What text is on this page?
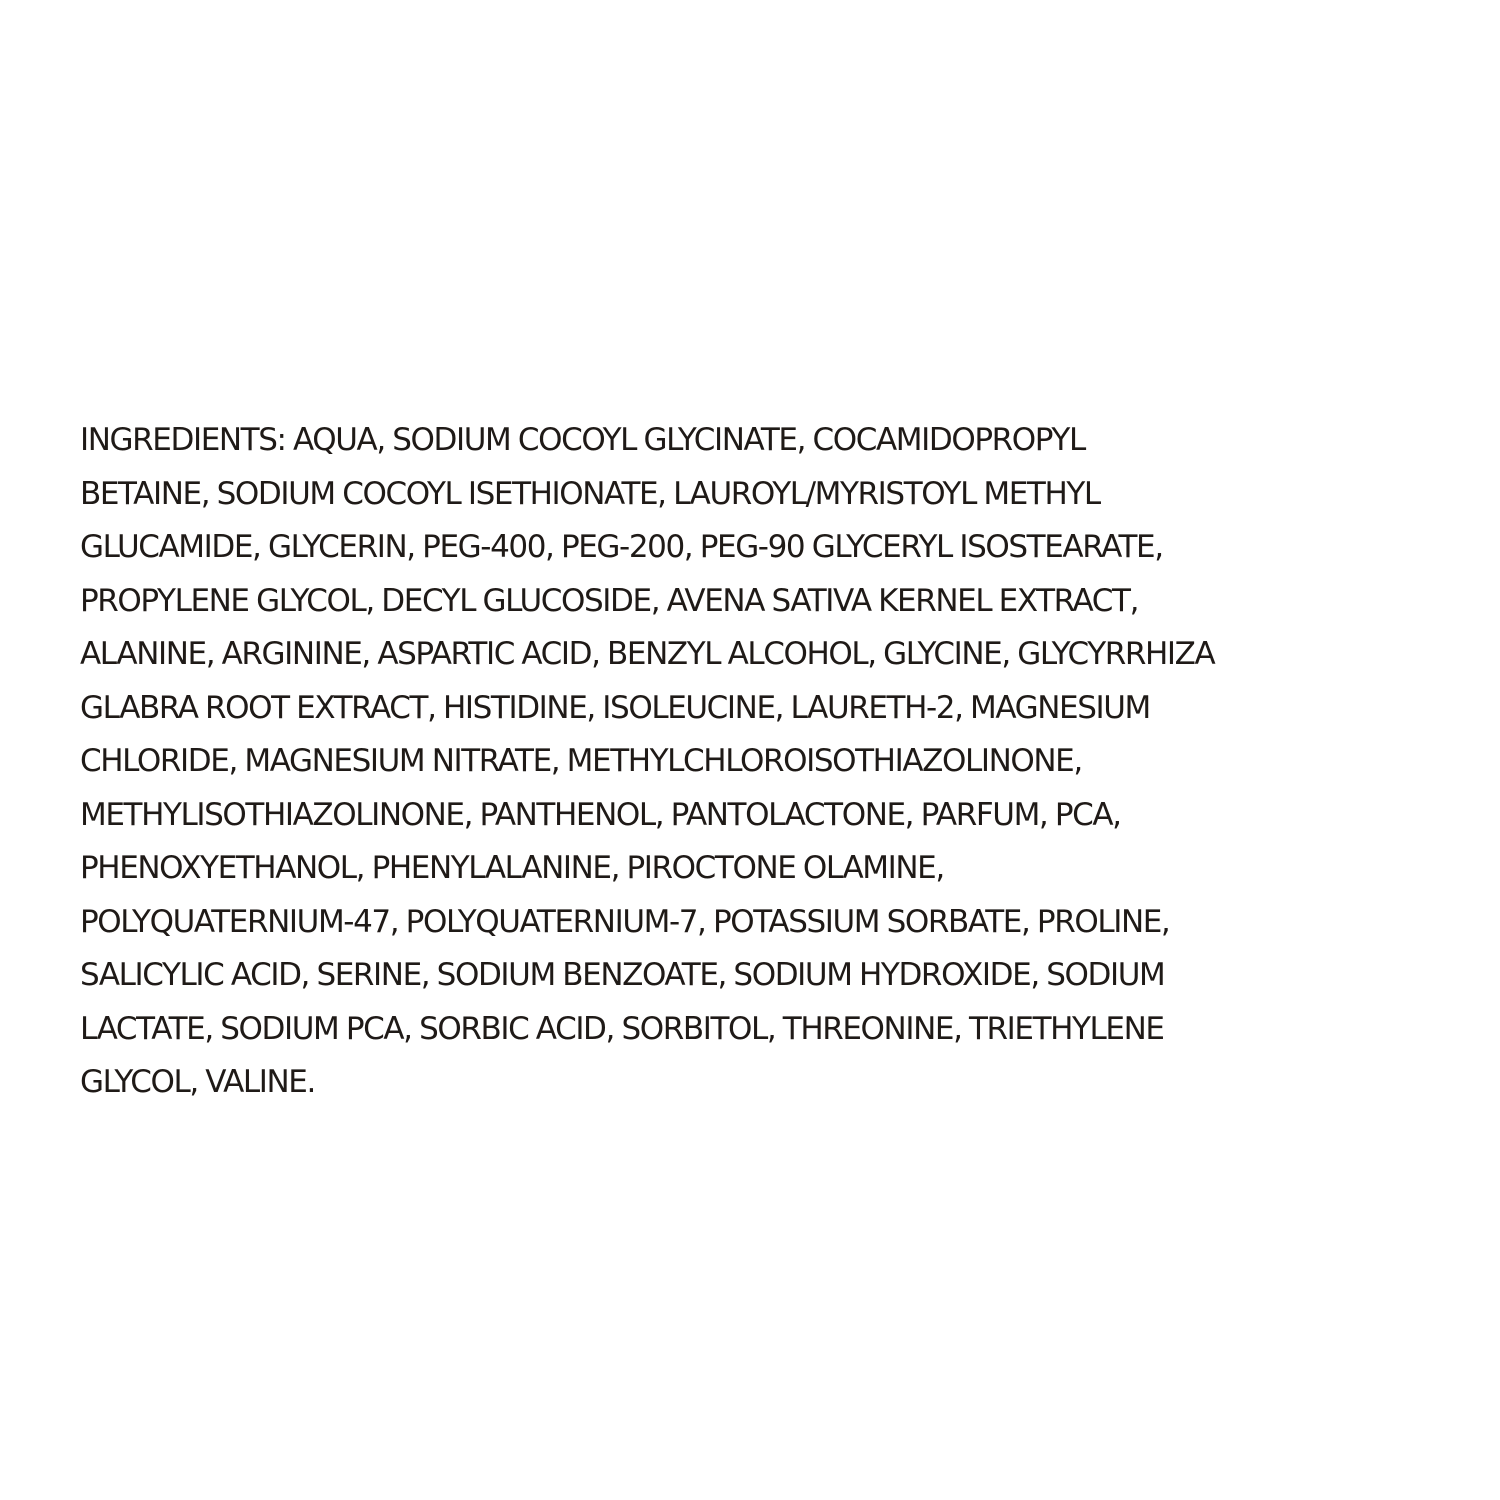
INGREDIENTS: AQUA, SODIUM COCOYL GLYCINATE, COCAMIDOPROPYL
BETAINE, SODIUM COCOYL ISETHIONATE, LAUROYL/MYRISTOYL METHYL
GLUCAMIDE, GLYCERIN, PEG-400, PEG-200, PEG-90 GLYCERYL ISOSTEARATE,
PROPYLENE GLYCOL, DECYL GLUCOSIDE, AVENA SATIVA KERNEL EXTRACT,
ALANINE, ARGININE, ASPARTIC ACID, BENZYL ALCOHOL, GLYCINE, GLYCYRRHIZA
GLABRA ROOT EXTRACT, HISTIDINE, ISOLEUCINE, LAURETH-2, MAGNESIUM
CHLORIDE, MAGNESIUM NITRATE, METHYLCHLOROISOTHIAZOLINONE,
METHYLISOTHIAZOLINONE, PANTHENOL, PANTOLACTONE, PARFUM, PCA,
PHENOXYETHANOL, PHENYLALANINE, PIROCTONE OLAMINE,
POLYQUATERNIUM-47, POLYQUATERNIUM-7, POTASSIUM SORBATE, PROLINE,
SALICYLIC ACID, SERINE, SODIUM BENZOATE, SODIUM HYDROXIDE, SODIUM
LACTATE, SODIUM PCA, SORBIC ACID, SORBITOL, THREONINE, TRIETHYLENE
GLYCOL, VALINE.
